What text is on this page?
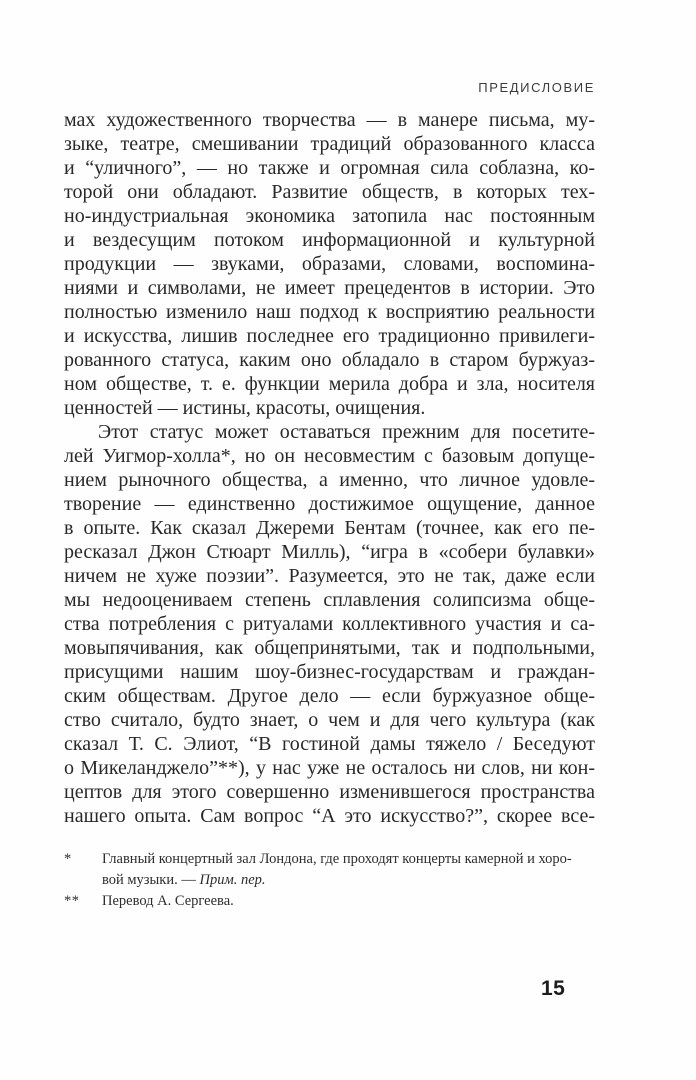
ПРЕДИСЛОВИЕ
мах художественного творчества — в манере письма, му-
зыке, театре, смешивании традиций образованного класса
и “уличного”, — но также и огромная сила соблазна, ко-
торой они обладают. Развитие обществ, в которых тех-
но-индустриальная экономика затопила нас постоянным
и вездесущим потоком информационной и культурной
продукции — звуками, образами, словами, воспомина-
ниями и символами, не имеет прецедентов в истории. Это
полностью изменило наш подход к восприятию реальности
и искусства, лишив последнее его традиционно привилеги-
рованного статуса, каким оно обладало в старом буржуаз-
ном обществе, т. е. функции мерила добра и зла, носителя
ценностей — истины, красоты, очищения.
Этот статус может оставаться прежним для посетите-
лей Уигмор-холла*, но он несовместим с базовым допуще-
нием рыночного общества, а именно, что личное удовле-
творение — единственно достижимое ощущение, данное
в опыте. Как сказал Джереми Бентам (точнее, как его пе-
ресказал Джон Стюарт Милль), “игра в «собери булавки»
ничем не хуже поэзии”. Разумеется, это не так, даже если
мы недооцениваем степень сплавления солипсизма обще-
ства потребления с ритуалами коллективного участия и са-
мовыпячивания, как общепринятыми, так и подпольными,
присущими нашим шоу-бизнес-государствам и граждан-
ским обществам. Другое дело — если буржуазное обще-
ство считало, будто знает, о чем и для чего культура (как
сказал Т. С. Элиот, “В гостиной дамы тяжело / Беседуют
о Микеланджело”**), у нас уже не осталось ни слов, ни кон-
цептов для этого совершенно изменившегося пространства
нашего опыта. Сам вопрос “А это искусство?”, скорее все-
* Главный концертный зал Лондона, где проходят концерты камерной и хоро-
вой музыки. — Прим. пер.
** Перевод А. Сергеева.
15
